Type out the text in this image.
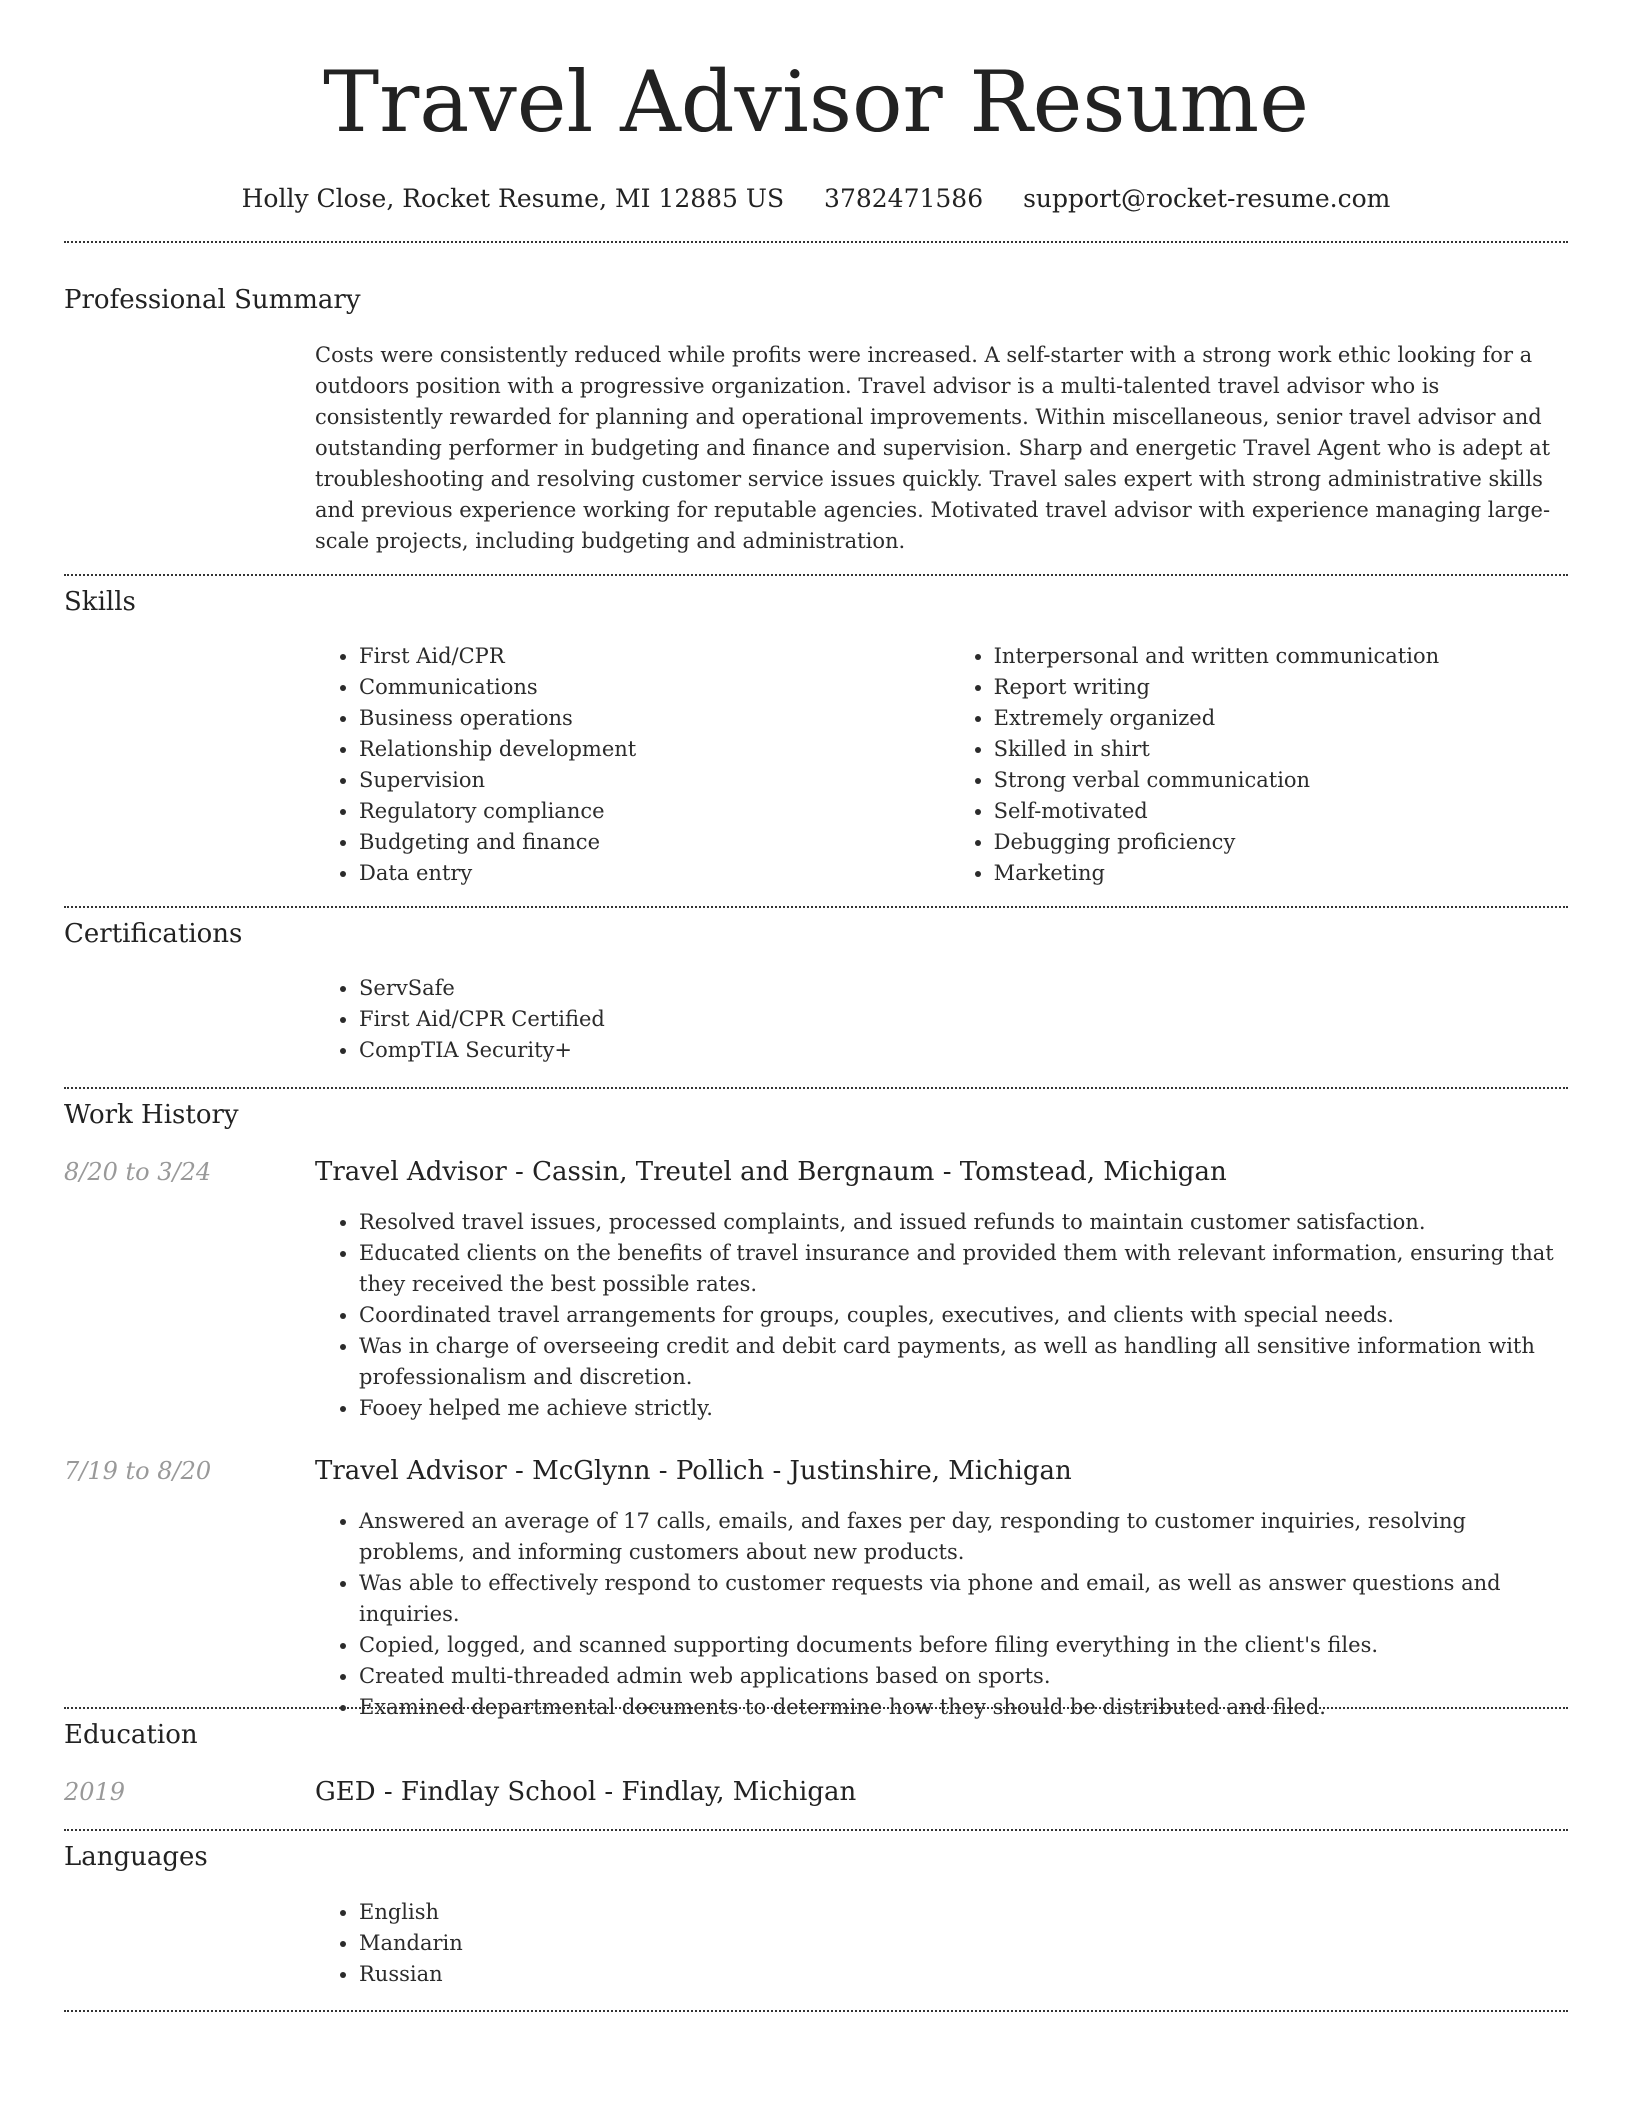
Travel Advisor Resume
Holly Close, Rocket Resume, MI 12885 US 3782471586 support@rocket-resume.com
Professional Summary
Costs were consistently reduced while profits were increased. A self-starter with a strong work ethic looking for a outdoors position with a progressive organization. Travel advisor is a multi-talented travel advisor who is consistently rewarded for planning and operational improvements. Within miscellaneous, senior travel advisor and outstanding performer in budgeting and finance and supervision. Sharp and energetic Travel Agent who is adept at troubleshooting and resolving customer service issues quickly. Travel sales expert with strong administrative skills and previous experience working for reputable agencies. Motivated travel advisor with experience managing large-scale projects, including budgeting and administration.
Skills
• First Aid/CPR
• Communications
• Business operations
• Relationship development
• Supervision
• Regulatory compliance
• Budgeting and finance
• Data entry
• Interpersonal and written communication
• Report writing
• Extremely organized
• Skilled in shirt
• Strong verbal communication
• Self-motivated
• Debugging proficiency
• Marketing
Certifications
• ServSafe
• First Aid/CPR Certified
• CompTIA Security+
Work History
8/20 to 3/24	Travel Advisor - Cassin, Treutel and Bergnaum - Tomstead, Michigan
• Resolved travel issues, processed complaints, and issued refunds to maintain customer satisfaction.
• Educated clients on the benefits of travel insurance and provided them with relevant information, ensuring that they received the best possible rates.
• Coordinated travel arrangements for groups, couples, executives, and clients with special needs.
• Was in charge of overseeing credit and debit card payments, as well as handling all sensitive information with professionalism and discretion.
• Fooey helped me achieve strictly.
7/19 to 8/20	Travel Advisor - McGlynn - Pollich - Justinshire, Michigan
• Answered an average of 17 calls, emails, and faxes per day, responding to customer inquiries, resolving problems, and informing customers about new products.
• Was able to effectively respond to customer requests via phone and email, as well as answer questions and inquiries.
• Copied, logged, and scanned supporting documents before filing everything in the client's files.
• Created multi-threaded admin web applications based on sports.
• Examined departmental documents to determine how they should be distributed and filed.
Education
2019	GED - Findlay School - Findlay, Michigan
Languages
• English
• Mandarin
• Russian
